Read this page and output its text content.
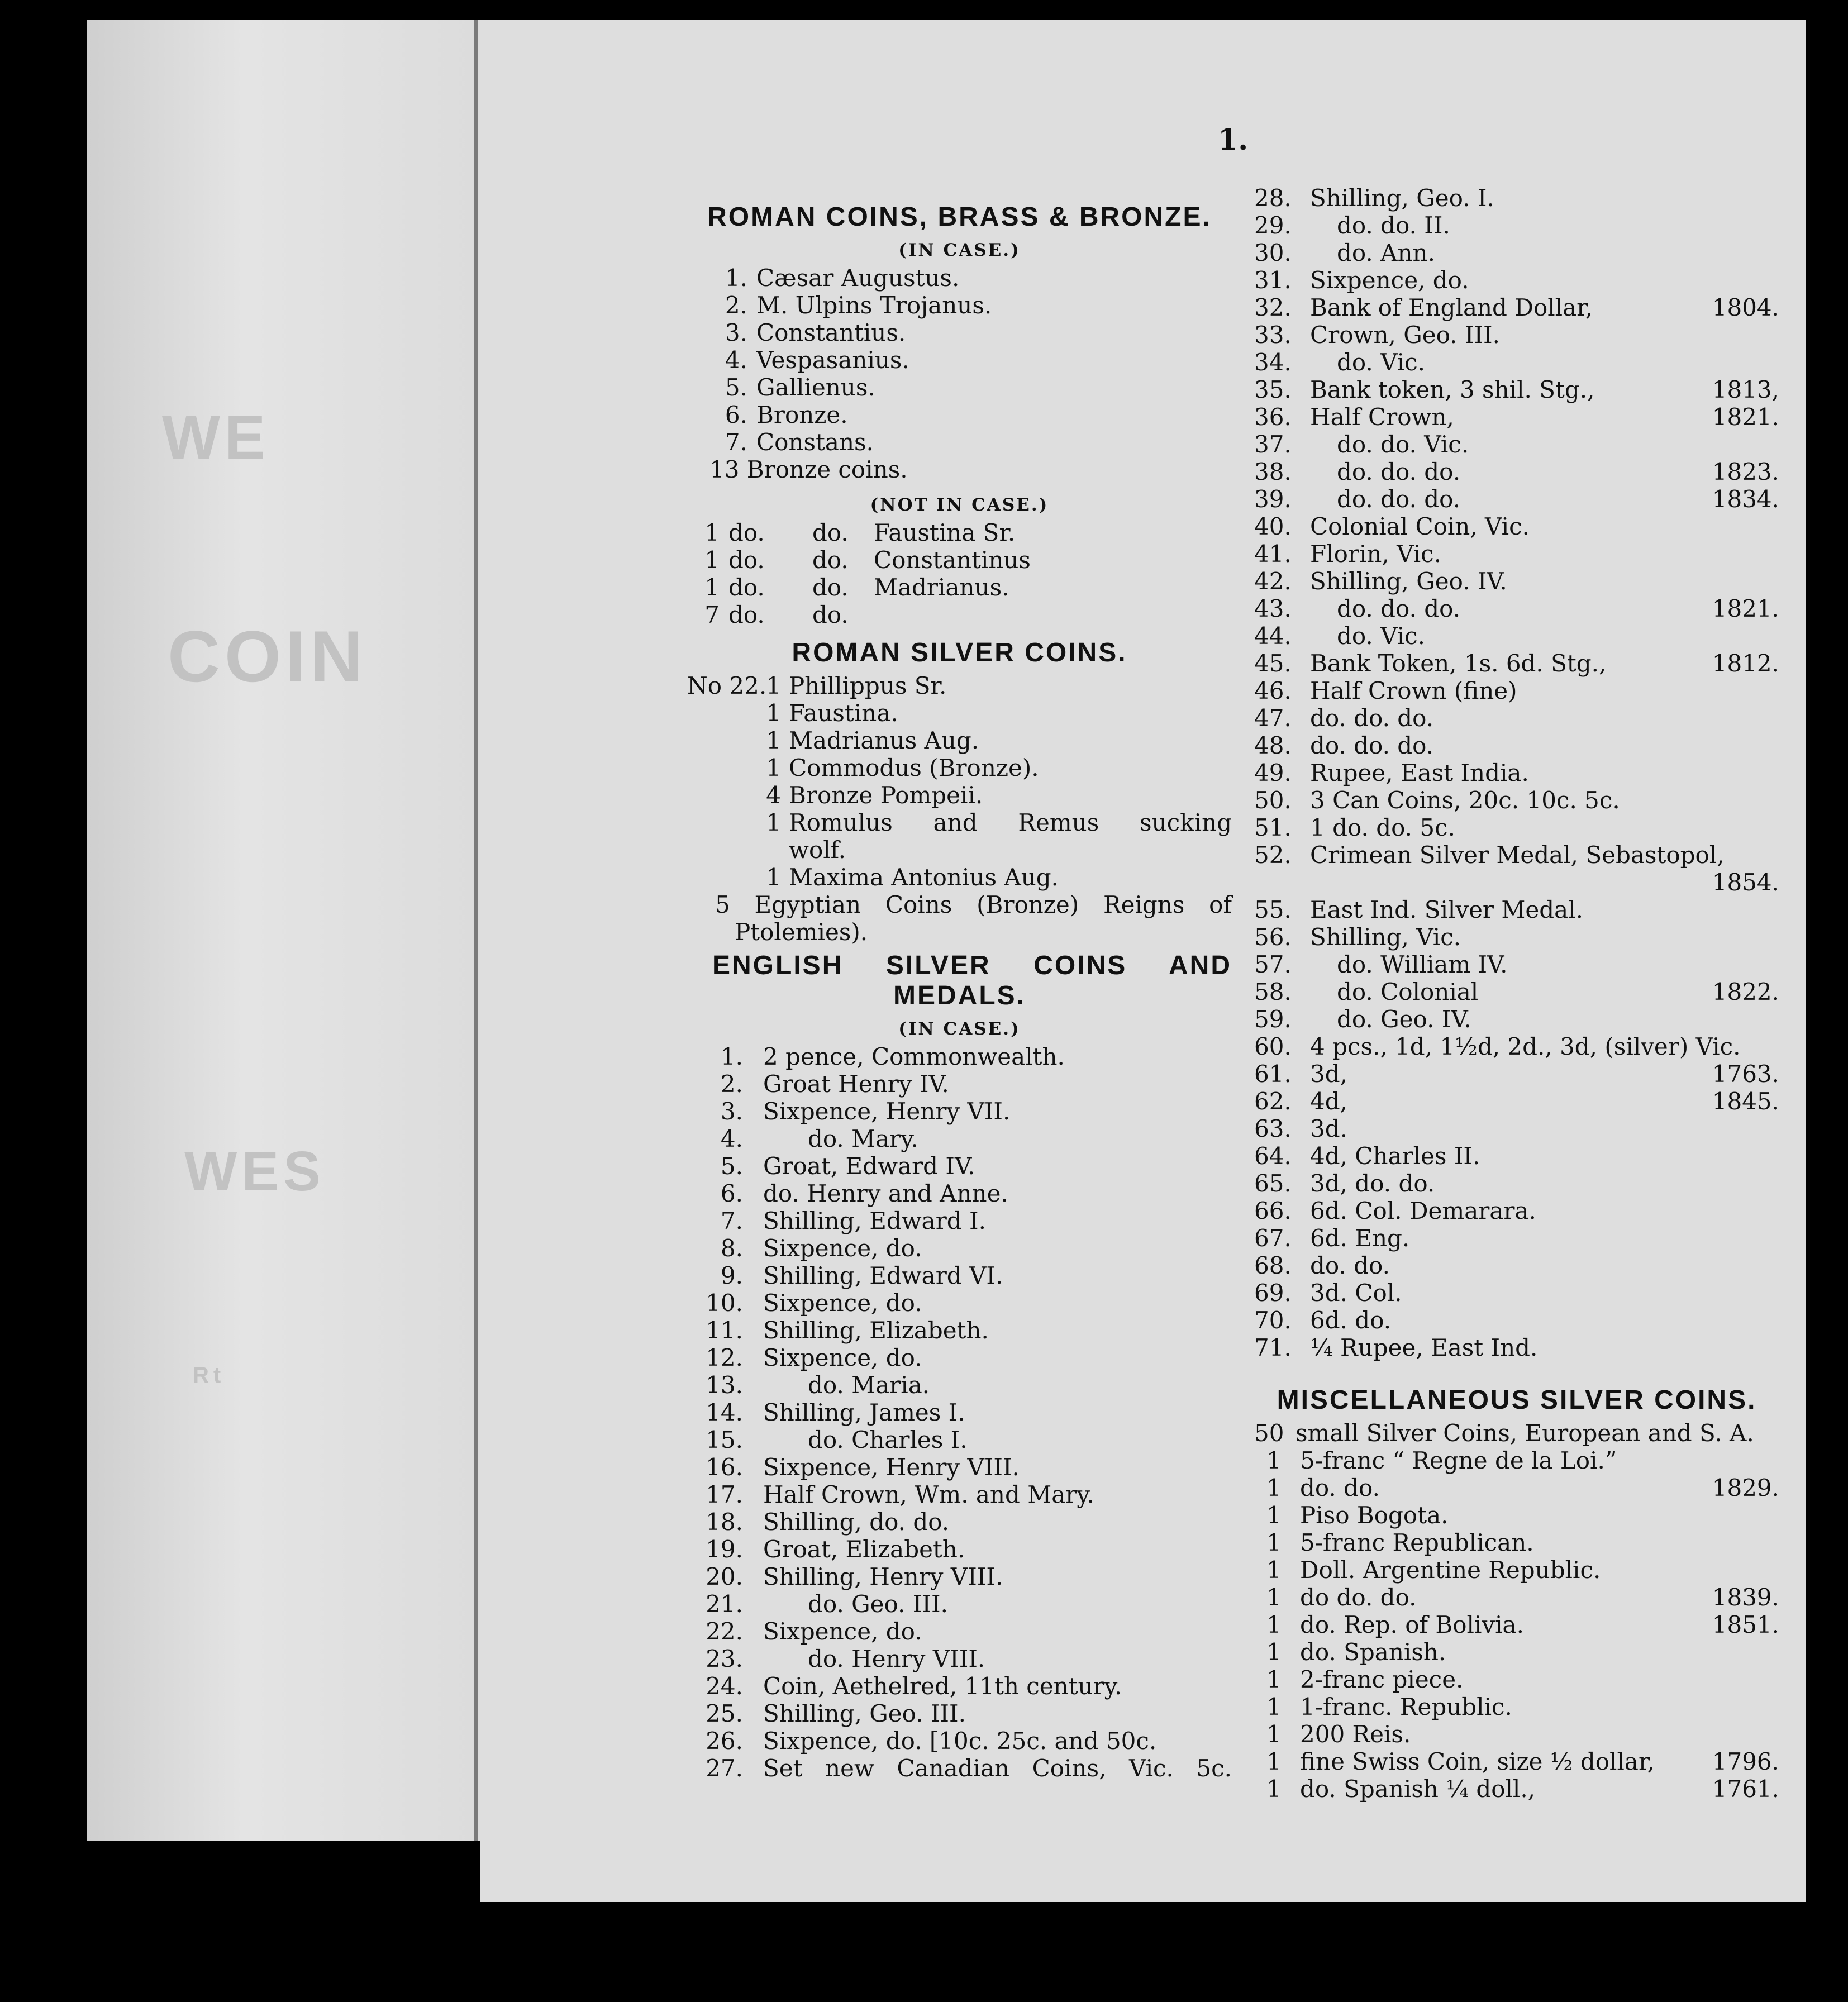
WE
COIN
WES
Rt
1.
ROMAN COINS, BRASS & BRONZE.
(IN CASE.)
1. Cæsar Augustus.
2. M. Ulpins Trojanus.
3. Constantius.
4. Vespasanius.
5. Gallienus.
6. Bronze.
7. Constans.
13 Bronze coins.
(NOT IN CASE.)
1 do.	do.	Faustina Sr.
1 do.	do.	Constantinus
1 do.	do.	Madrianus.
7 do.	do.
ROMAN SILVER COINS.
No 22. 1 Phillippus Sr.
1 Faustina.
1 Madrianus Aug.
1 Commodus (Bronze).
4 Bronze Pompeii.
1 Romulus and Remus sucking
wolf.
1 Maxima Antonius Aug.
5 Egyptian Coins (Bronze) Reigns of
Ptolemies).
ENGLISH SILVER COINS AND
MEDALS.
(IN CASE.)
1. 2 pence, Commonwealth.
2. Groat Henry IV.
3. Sixpence, Henry VII.
4.	do. Mary.
5. Groat, Edward IV.
6. do. Henry and Anne.
7. Shilling, Edward I.
8. Sixpence, do.
9. Shilling, Edward VI.
10. Sixpence, do.
11. Shilling, Elizabeth.
12. Sixpence, do.
13.	do. Maria.
14. Shilling, James I.
15.	do. Charles I.
16. Sixpence, Henry VIII.
17. Half Crown, Wm. and Mary.
18. Shilling, do. do.
19. Groat, Elizabeth.
20. Shilling, Henry VIII.
21.	do. Geo. III.
22. Sixpence, do.
23.	do. Henry VIII.
24. Coin, Aethelred, 11th century.
25. Shilling, Geo. III.
26. Sixpence, do. [10c. 25c. and 50c.
27. Set new Canadian Coins, Vic. 5c.
28. Shilling, Geo. I.
29.	do. do. II.
30.	do. Ann.
31. Sixpence, do.
32. Bank of England Dollar,	1804.
33. Crown, Geo. III.
34.	do. Vic.
35. Bank token, 3 shil. Stg.,	1813,
36. Half Crown,	1821.
37.	do. do. Vic.
38.	do. do. do.	1823.
39.	do. do. do.	1834.
40. Colonial Coin, Vic.
41. Florin, Vic.
42. Shilling, Geo. IV.
43.	do. do. do.	1821.
44.	do. Vic.
45. Bank Token, 1s. 6d. Stg.,	1812.
46. Half Crown (fine)
47. do. do. do.
48. do. do. do.
49. Rupee, East India.
50. 3 Can Coins, 20c. 10c. 5c.
51. 1 do. do. 5c.
52. Crimean Silver Medal, Sebastopol,
1854.
55. East Ind. Silver Medal.
56. Shilling, Vic.
57.	do. William IV.
58.	do. Colonial	1822.
59.	do. Geo. IV.
60. 4 pcs., 1d, 1½d, 2d., 3d, (silver) Vic.
61. 3d,	1763.
62. 4d,	1845.
63. 3d.
64. 4d, Charles II.
65. 3d, do. do.
66. 6d. Col. Demarara.
67. 6d. Eng.
68. do. do.
69. 3d. Col.
70. 6d. do.
71. ¼ Rupee, East Ind.
MISCELLANEOUS SILVER COINS.
50 small Silver Coins, European and S. A.
1 5-franc “ Regne de la Loi.”
1 do. do.	1829.
1 Piso Bogota.
1 5-franc Republican.
1 Doll. Argentine Republic.
1 do do. do.	1839.
1 do. Rep. of Bolivia.	1851.
1 do. Spanish.
1 2-franc piece.
1 1-franc. Republic.
1 200 Reis.
1 fine Swiss Coin, size ½ dollar,	1796.
1 do. Spanish ¼ doll.,	1761.
